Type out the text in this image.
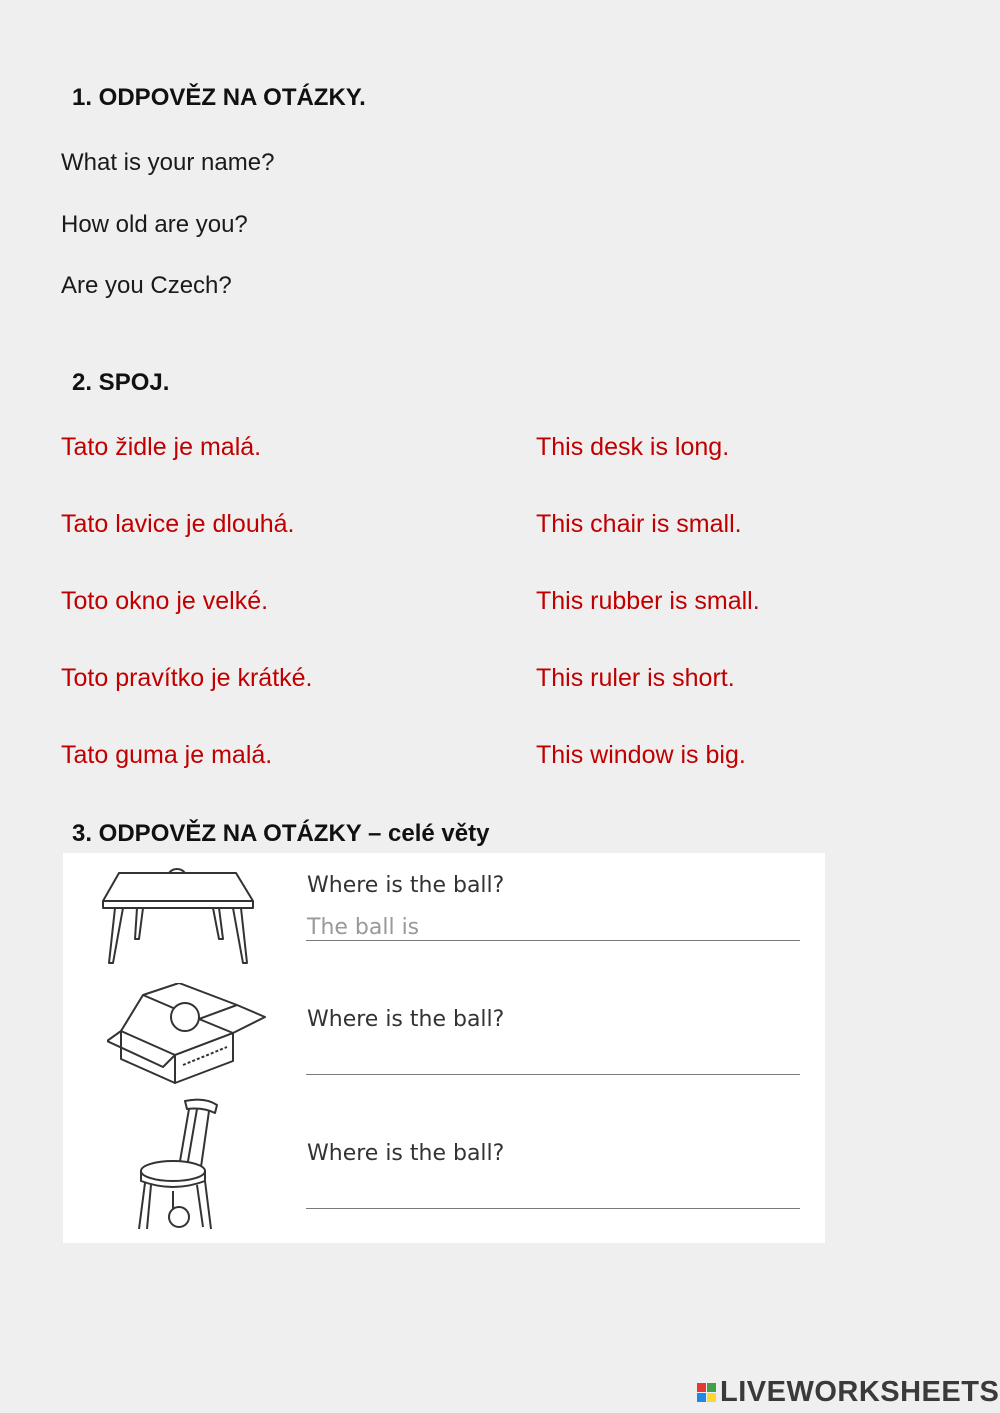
1. ODPOVĚZ NA OTÁZKY.
What is your name?
How old are you?
Are you Czech?
2. SPOJ.
Tato židle je malá.
Tato lavice je dlouhá.
Toto okno je velké.
Toto pravítko je krátké.
Tato guma je malá.
This desk is long.
This chair is small.
This rubber is small.
This ruler is short.
This window is big.
3. ODPOVĚZ NA OTÁZKY – celé věty
Where is the ball?
The ball is
Where is the ball?
Where is the ball?
LIVEWORKSHEETS
